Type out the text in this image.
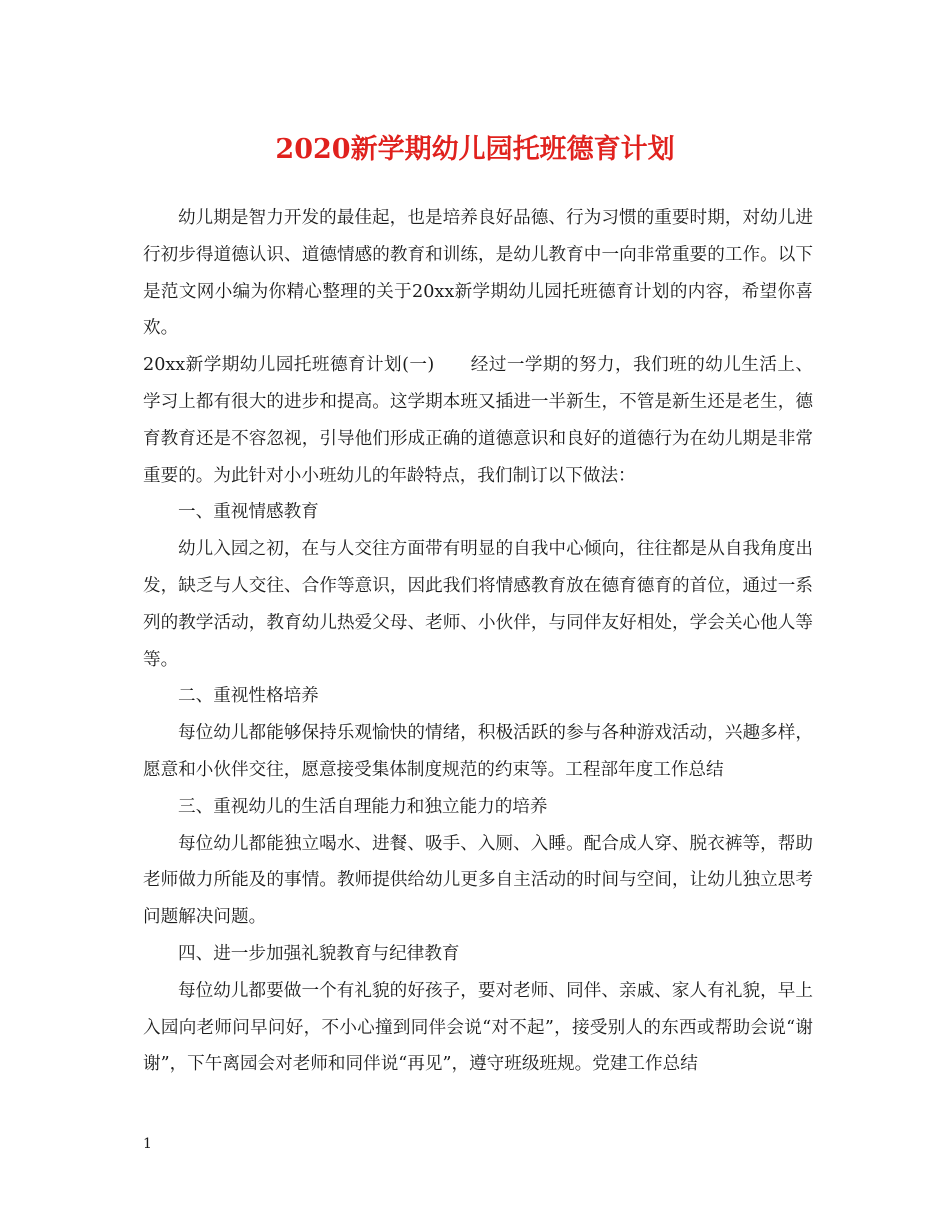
2020新学期幼儿园托班德育计划

幼儿期是智力开发的最佳起，也是培养良好品德、行为习惯的重要时期，对幼儿进行初步得道德认识、道德情感的教育和训练，是幼儿教育中一向非常重要的工作。以下是范文网小编为你精心整理的关于20xx新学期幼儿园托班德育计划的内容，希望你喜欢。

20xx新学期幼儿园托班德育计划(一)　　经过一学期的努力，我们班的幼儿生活上、学习上都有很大的进步和提高。这学期本班又插进一半新生，不管是新生还是老生，德育教育还是不容忽视，引导他们形成正确的道德意识和良好的道德行为在幼儿期是非常重要的。为此针对小小班幼儿的年龄特点，我们制订以下做法：

一、重视情感教育

幼儿入园之初，在与人交往方面带有明显的自我中心倾向，往往都是从自我角度出发，缺乏与人交往、合作等意识，因此我们将情感教育放在德育德育的首位，通过一系列的教学活动，教育幼儿热爱父母、老师、小伙伴，与同伴友好相处，学会关心他人等等。

二、重视性格培养

每位幼儿都能够保持乐观愉快的情绪，积极活跃的参与各种游戏活动，兴趣多样，愿意和小伙伴交往，愿意接受集体制度规范的约束等。工程部年度工作总结

三、重视幼儿的生活自理能力和独立能力的培养

每位幼儿都能独立喝水、进餐、吸手、入厕、入睡。配合成人穿、脱衣裤等，帮助老师做力所能及的事情。教师提供给幼儿更多自主活动的时间与空间，让幼儿独立思考问题解决问题。

四、进一步加强礼貌教育与纪律教育

每位幼儿都要做一个有礼貌的好孩子，要对老师、同伴、亲戚、家人有礼貌，早上入园向老师问早问好，不小心撞到同伴会说“对不起”，接受别人的东西或帮助会说“谢谢”，下午离园会对老师和同伴说“再见”，遵守班级班规。党建工作总结

1
